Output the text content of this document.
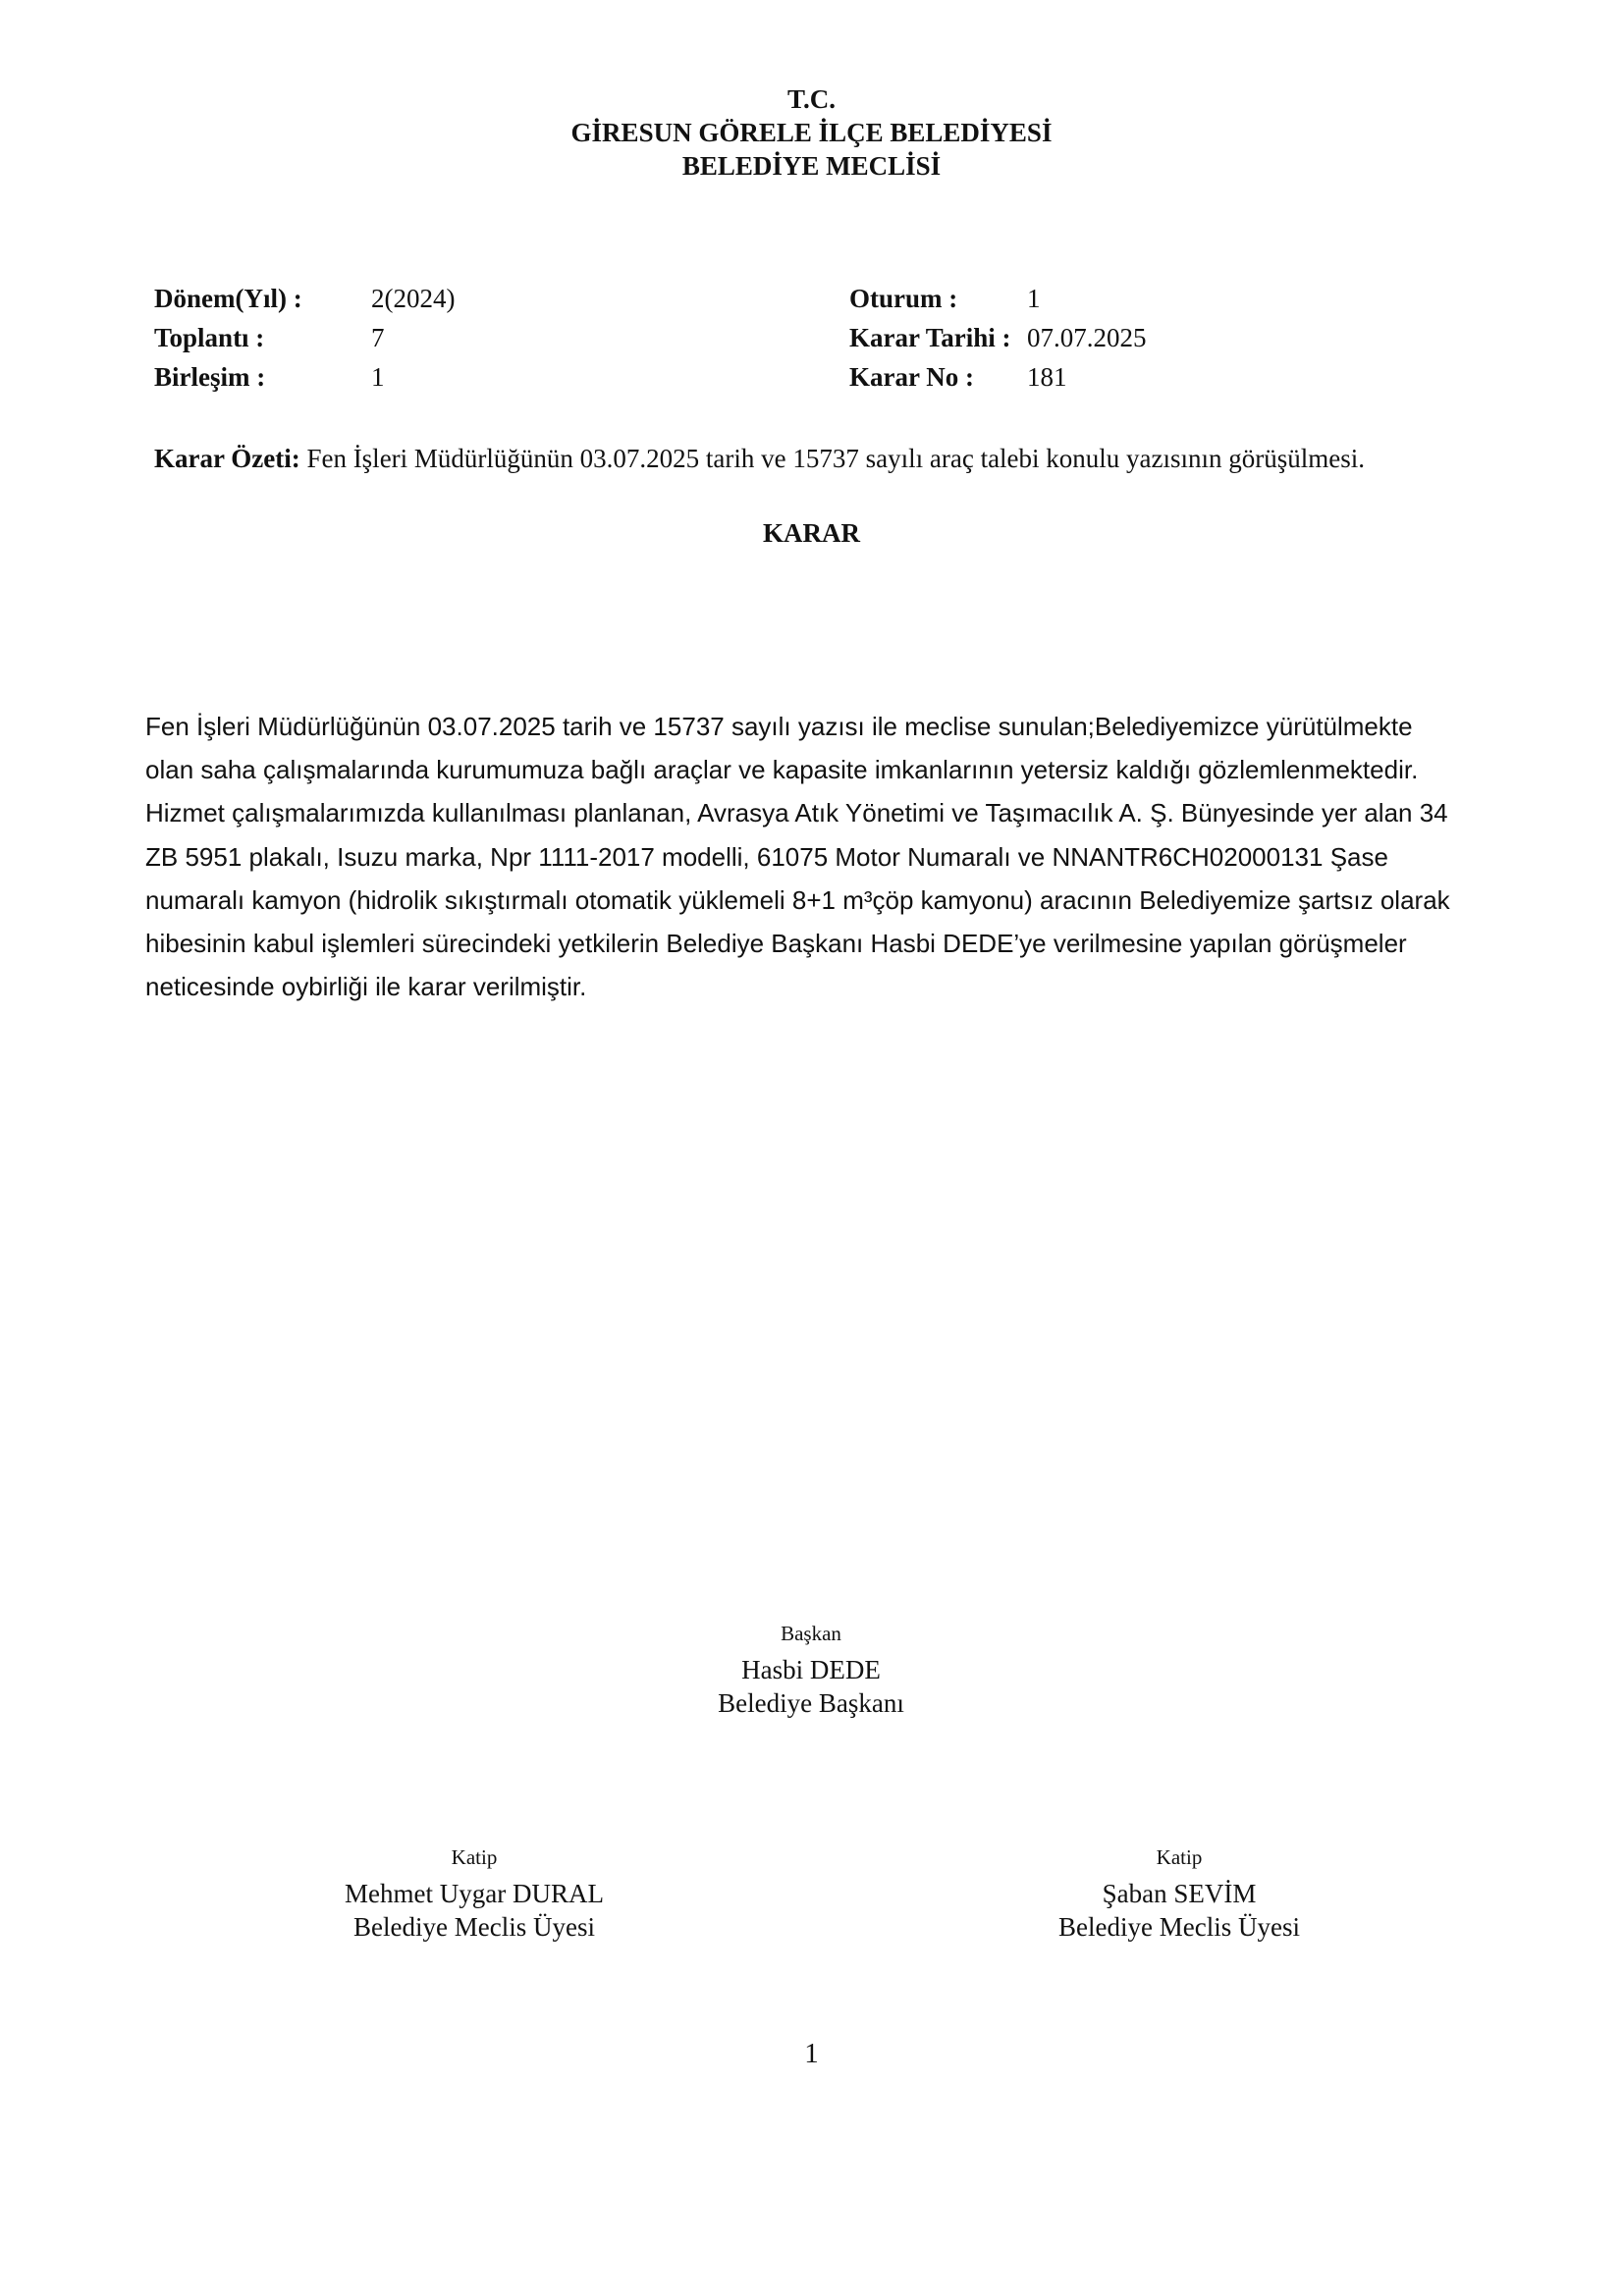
T.C.
GİRESUN GÖRELE İLÇE BELEDİYESİ
BELEDİYE MECLİSİ
Dönem(Yıl) :	2(2024)	Oturum :	1
Toplantı :	7	Karar Tarihi : 07.07.2025
Birleşim :	1	Karar No : 181
Karar Özeti: Fen İşleri Müdürlüğünün 03.07.2025 tarih ve 15737 sayılı araç talebi konulu yazısının görüşülmesi.
KARAR
Fen İşleri Müdürlüğünün 03.07.2025 tarih ve 15737 sayılı yazısı ile meclise sunulan;Belediyemizce yürütülmekte
olan saha çalışmalarında kurumumuza bağlı araçlar ve kapasite imkanlarının yetersiz kaldığı gözlemlenmektedir.
Hizmet çalışmalarımızda kullanılması planlanan, Avrasya Atık Yönetimi ve Taşımacılık A. Ş. Bünyesinde yer alan 34
ZB 5951 plakalı, Isuzu marka, Npr 1111-2017 modelli, 61075 Motor Numaralı ve NNANTR6CH02000131 Şase
numaralı kamyon (hidrolik sıkıştırmalı otomatik yüklemeli 8+1 m³çöp kamyonu) aracının Belediyemize şartsız olarak
hibesinin kabul işlemleri sürecindeki yetkilerin Belediye Başkanı Hasbi DEDE’ye verilmesine yapılan görüşmeler
neticesinde oybirliği ile karar verilmiştir.
Başkan
Hasbi DEDE
Belediye Başkanı
Katip
Mehmet Uygar DURAL
Belediye Meclis Üyesi
Katip
Şaban SEVİM
Belediye Meclis Üyesi
1
